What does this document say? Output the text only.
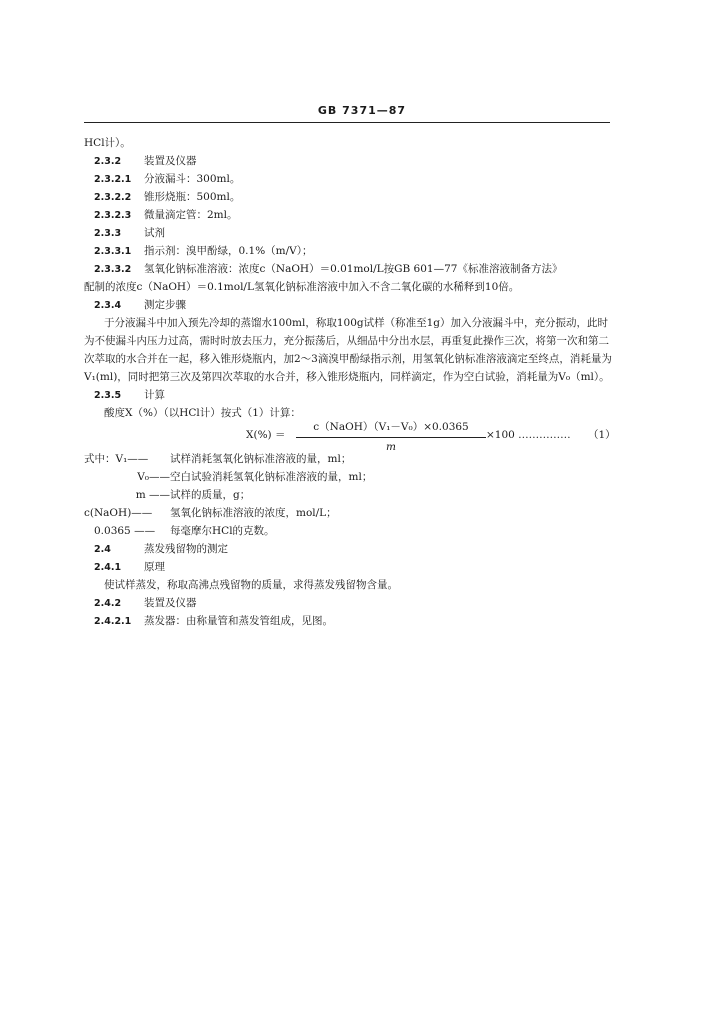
GB 7371—87
HCl计）。
2.3.2 装置及仪器
2.3.2.1 分液漏斗：300ml。
2.3.2.2 锥形烧瓶：500ml。
2.3.2.3 微量滴定管：2ml。
2.3.3 试剂
2.3.3.1 指示剂：溴甲酚绿，0.1%（m/V）；
2.3.3.2 氢氧化钠标准溶液：浓度c（NaOH）＝0.01mol/L按GB 601—77《标准溶液制备方法》
配制的浓度c（NaOH）＝0.1mol/L氢氧化钠标准溶液中加入不含二氧化碳的水稀释到10倍。
2.3.4 测定步骤
于分液漏斗中加入预先冷却的蒸馏水100ml，称取100g试样（称准至1g）加入分液漏斗中，充分振动，此时为不使漏斗内压力过高，需时时放去压力，充分振荡后，从细品中分出水层，再重复此操作三次，将第一次和第二次萃取的水合并在一起，移入锥形烧瓶内，加2～3滴溴甲酚绿指示剂，用氢氧化钠标准溶液滴定至终点，消耗量为V₁(ml)，同时把第三次及第四次萃取的水合并，移入锥形烧瓶内，同样滴定，作为空白试验，消耗量为V₀（ml）。
2.3.5 计算
酸度X（%）（以HCl计）按式（1）计算：
X(%) ＝
c（NaOH）（V₁－V₀）×0.0365
m
×100 …………… （1）
式中：V₁—— 试样消耗氢氧化钠标准溶液的量，ml；
V₀——空白试验消耗氢氧化钠标准溶液的量，ml；
m ——试样的质量，g；
c(NaOH)—— 氢氧化钠标准溶液的浓度，mol/L；
0.0365 —— 每毫摩尔HCl的克数。
2.4	蒸发残留物的测定
2.4.1 原理
使试样蒸发，称取高沸点残留物的质量，求得蒸发残留物含量。
2.4.2 装置及仪器
2.4.2.1 蒸发器：由称量管和蒸发管组成，见图。
